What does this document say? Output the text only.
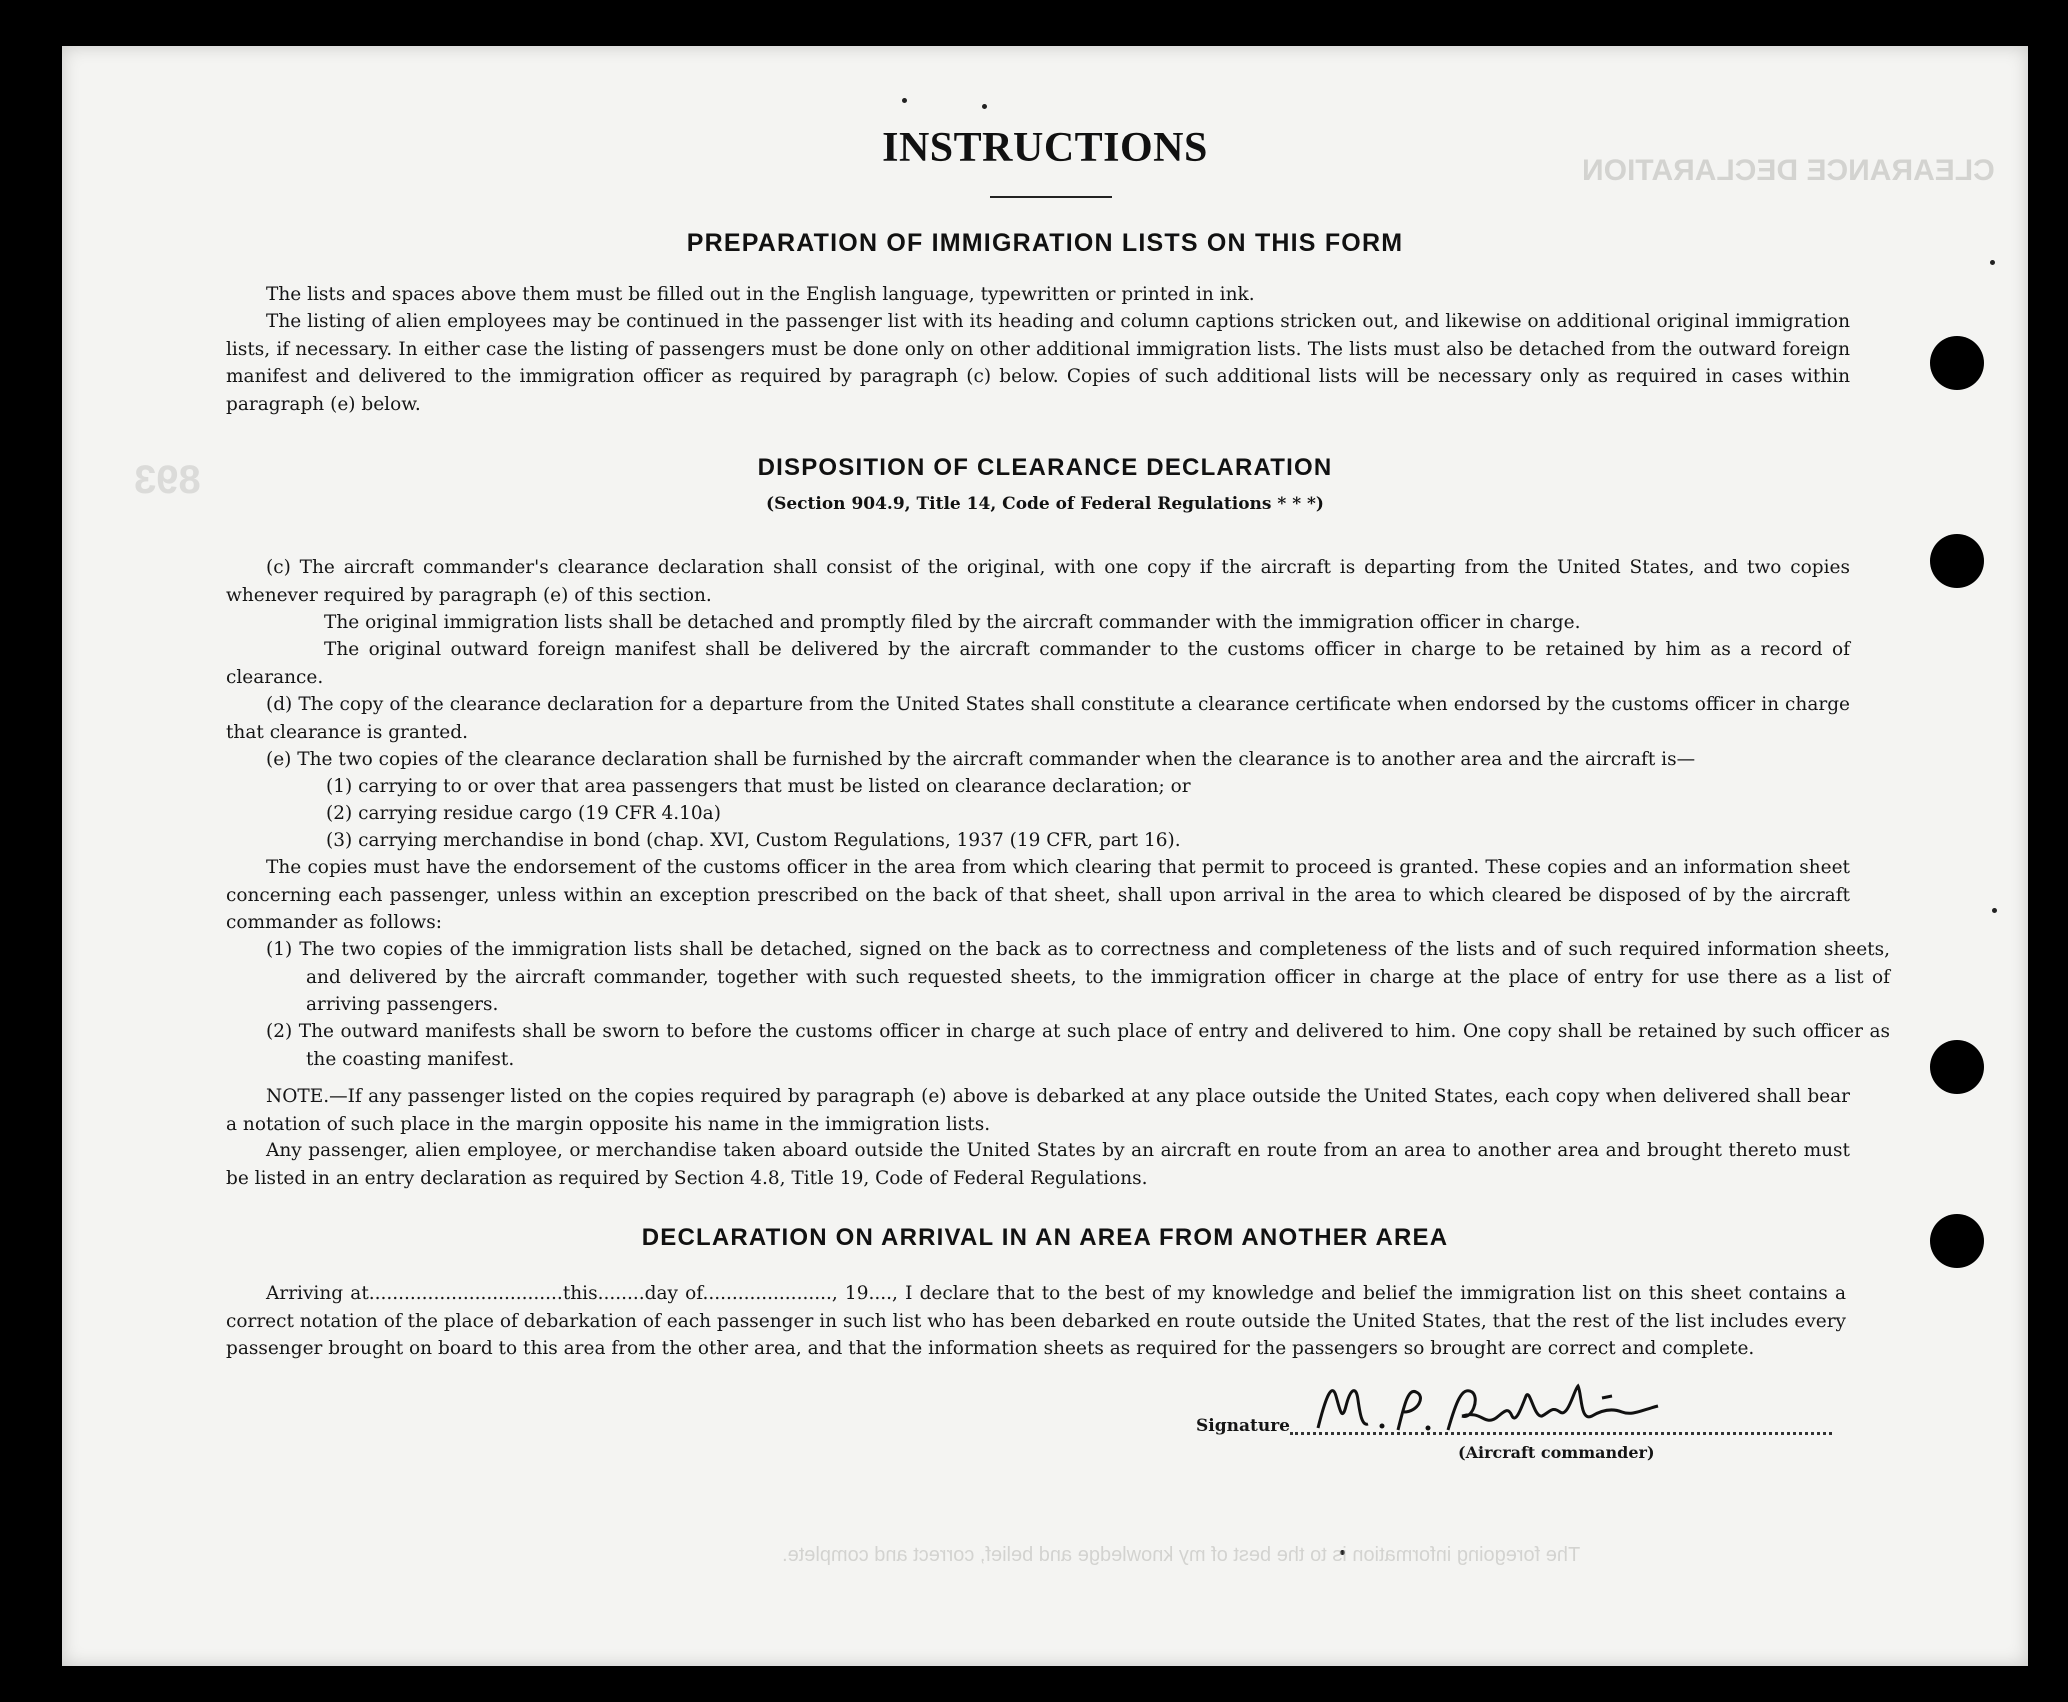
CLEARANCE DECLARATION
893
INSTRUCTIONS
PREPARATION OF IMMIGRATION LISTS ON THIS FORM

The lists and spaces above them must be filled out in the English language, typewritten or printed in ink.

The listing of alien employees may be continued in the passenger list with its heading and column captions stricken out, and likewise on additional original immigration lists, if necessary. In either case the listing of passengers must be done only on other additional immigration lists. The lists must also be detached from the outward foreign manifest and delivered to the immigration officer as required by paragraph (c) below. Copies of such additional lists will be necessary only as required in cases within paragraph (e) below.

DISPOSITION OF CLEARANCE DECLARATION
(Section 904.9, Title 14, Code of Federal Regulations * * *)

(c) The aircraft commander's clearance declaration shall consist of the original, with one copy if the aircraft is departing from the United States, and two copies whenever required by paragraph (e) of this section.

The original immigration lists shall be detached and promptly filed by the aircraft commander with the immigration officer in charge.

The original outward foreign manifest shall be delivered by the aircraft commander to the customs officer in charge to be retained by him as a record of clearance.

(d) The copy of the clearance declaration for a departure from the United States shall constitute a clearance certificate when endorsed by the customs officer in charge that clearance is granted.

(e) The two copies of the clearance declaration shall be furnished by the aircraft commander when the clearance is to another area and the aircraft is—

(1) carrying to or over that area passengers that must be listed on clearance declaration; or
(2) carrying residue cargo (19 CFR 4.10a)
(3) carrying merchandise in bond (chap. XVI, Custom Regulations, 1937 (19 CFR, part 16).

The copies must have the endorsement of the customs officer in the area from which clearing that permit to proceed is granted. These copies and an information sheet concerning each passenger, unless within an exception prescribed on the back of that sheet, shall upon arrival in the area to which cleared be disposed of by the aircraft commander as follows:

(1) The two copies of the immigration lists shall be detached, signed on the back as to correctness and completeness of the lists and of such required information sheets, and delivered by the aircraft commander, together with such requested sheets, to the immigration officer in charge at the place of entry for use there as a list of arriving passengers.

(2) The outward manifests shall be sworn to before the customs officer in charge at such place of entry and delivered to him. One copy shall be retained by such officer as the coasting manifest.

NOTE.—If any passenger listed on the copies required by paragraph (e) above is debarked at any place outside the United States, each copy when delivered shall bear a notation of such place in the margin opposite his name in the immigration lists.

Any passenger, alien employee, or merchandise taken aboard outside the United States by an aircraft en route from an area to another area and brought thereto must be listed in an entry declaration as required by Section 4.8, Title 19, Code of Federal Regulations.

DECLARATION ON ARRIVAL IN AN AREA FROM ANOTHER AREA

Arriving at.................................this........day of......................, 19...., I declare that to the best of my knowledge and belief the immigration list on this sheet contains a correct notation of the place of debarkation of each passenger in such list who has been debarked en route outside the United States, that the rest of the list includes every passenger brought on board to this area from the other area, and that the information sheets as required for the passengers so brought are correct and complete.

Signature
M. P. Archibald	(Aircraft commander)
The foregoing information is to the best of my knowledge and belief, correct and complete.
